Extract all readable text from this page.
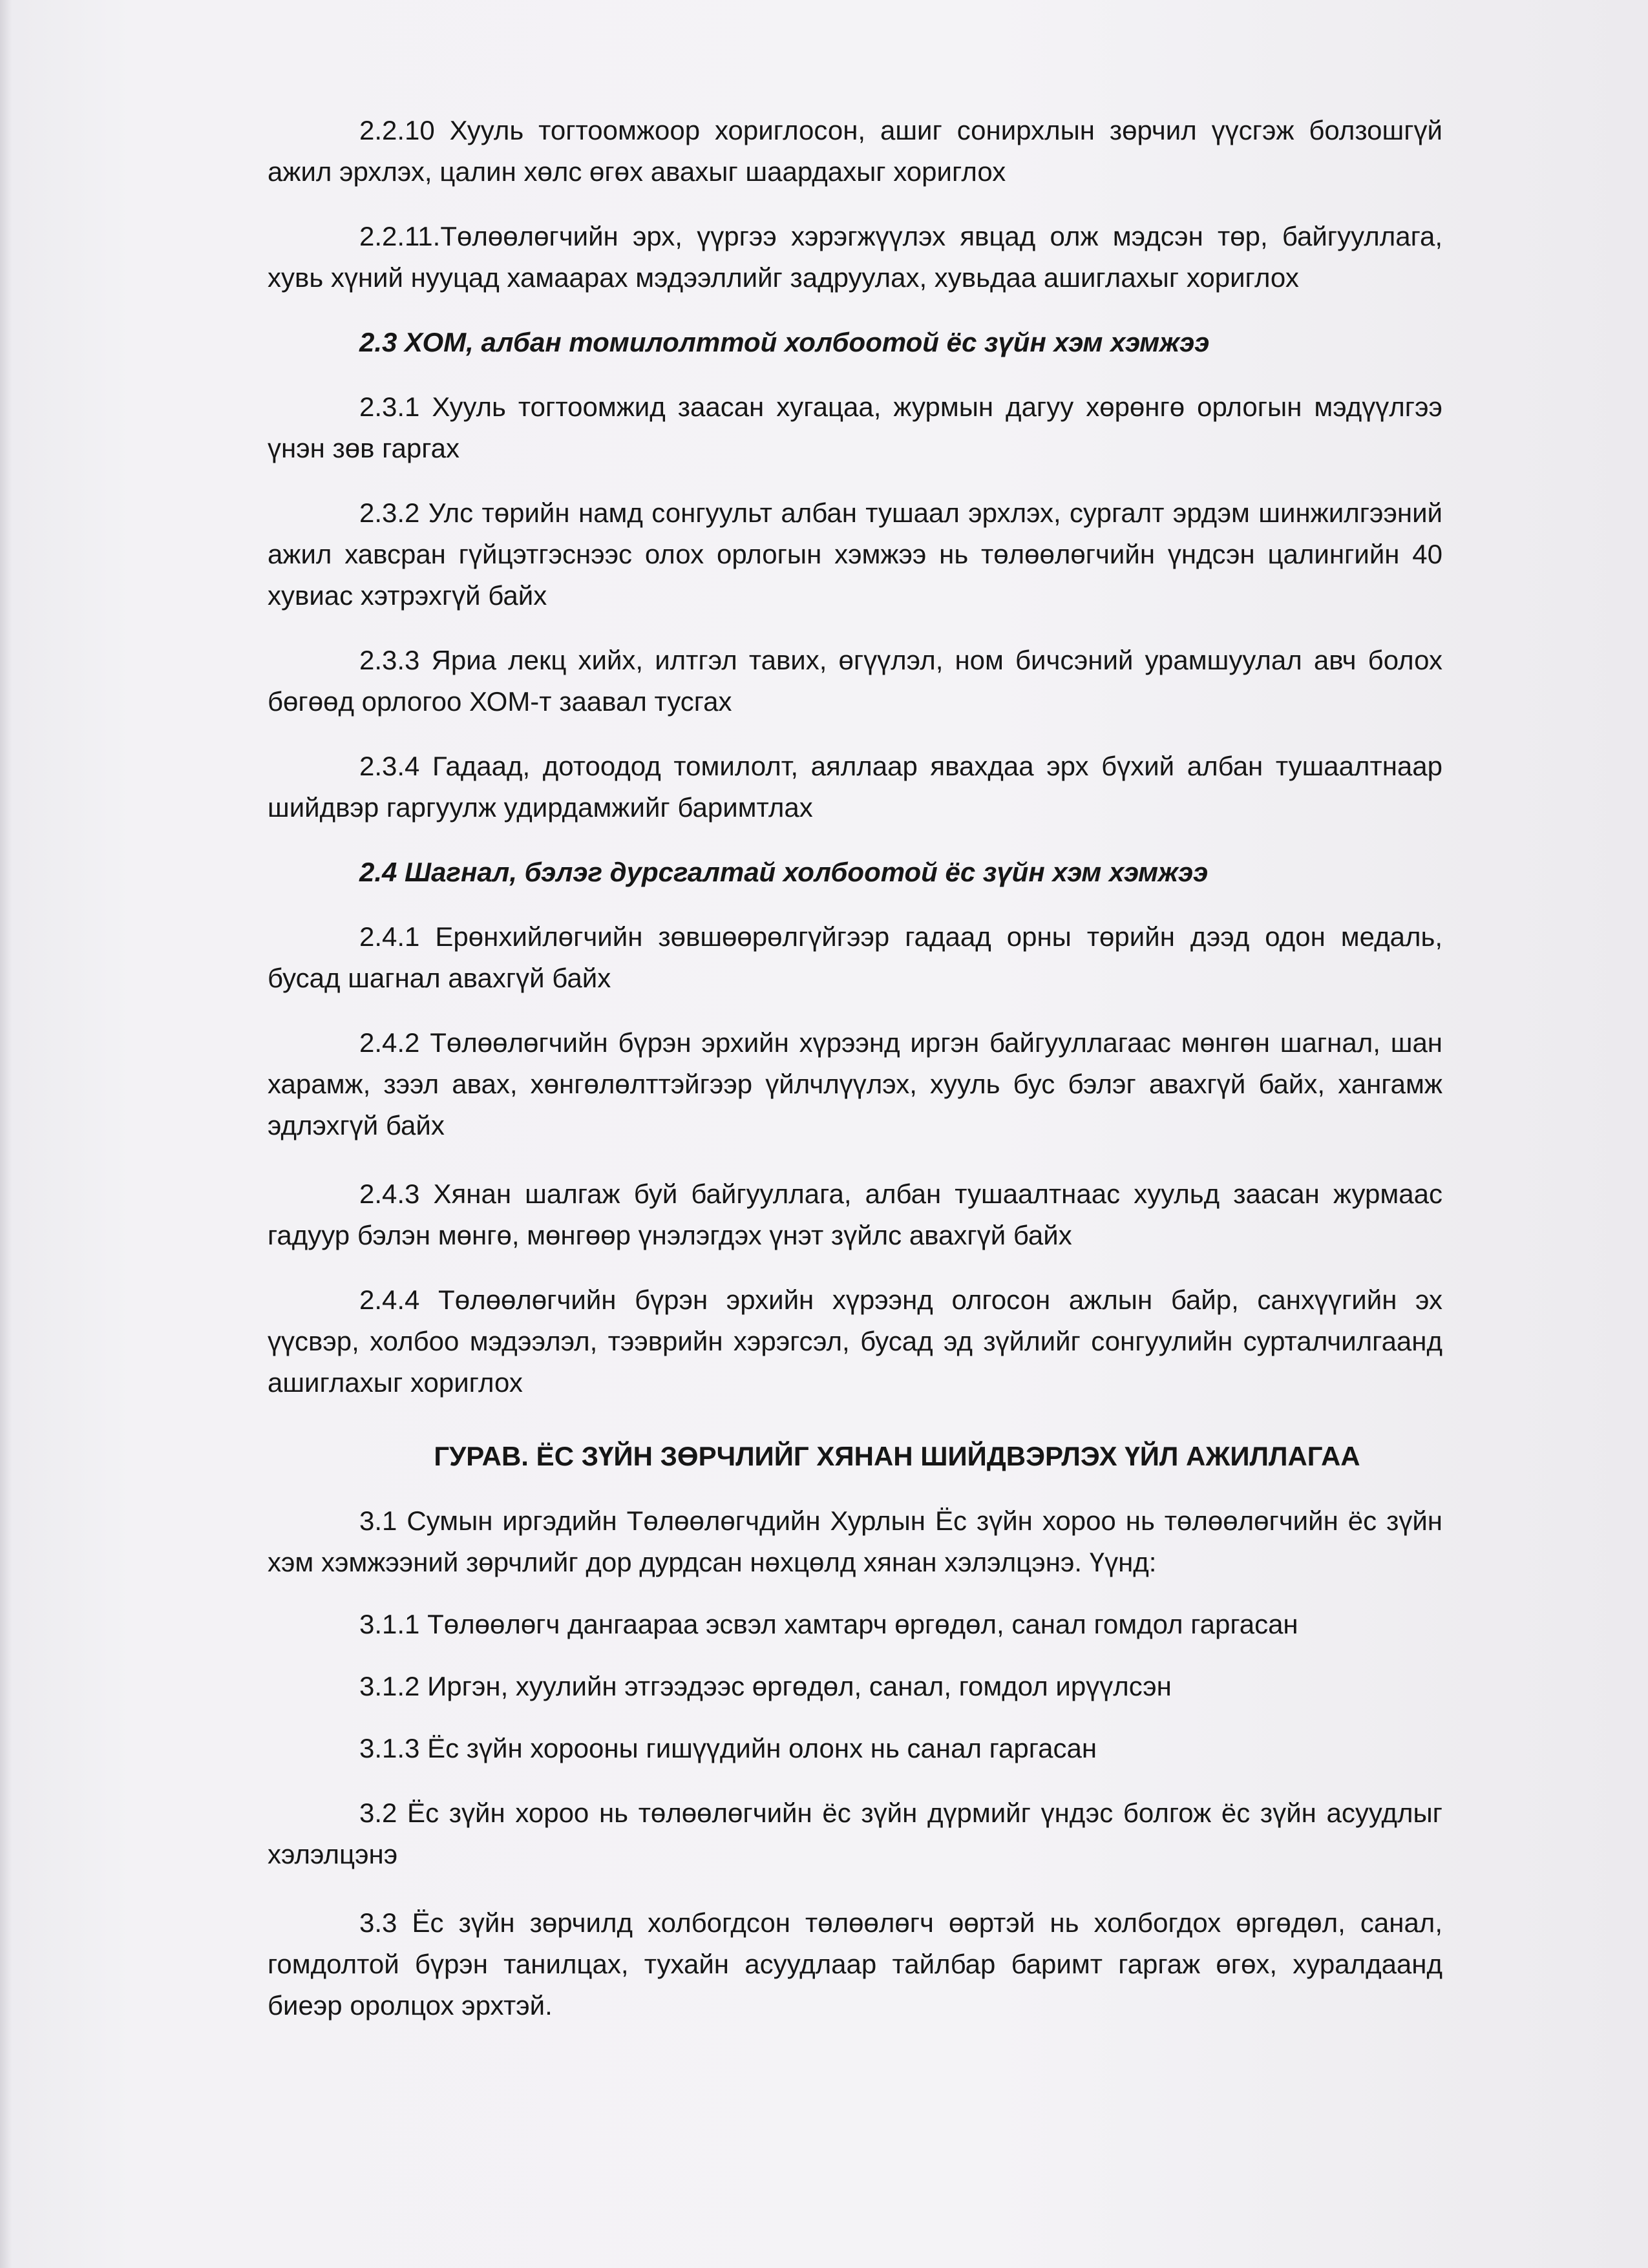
2.2.10 Хууль тогтоомжоор хориглосон, ашиг сонирхлын зөрчил үүсгэж болзошгүй ажил эрхлэх, цалин хөлс өгөх авахыг шаардахыг хориглох

2.2.11.Төлөөлөгчийн эрх, үүргээ хэрэгжүүлэх явцад олж мэдсэн төр, байгууллага, хувь хүний нууцад хамаарах мэдээллийг задруулах, хувьдаа ашиглахыг хориглох

2.3 ХОМ, албан томилолттой холбоотой ёс зүйн хэм хэмжээ

2.3.1 Хууль тогтоомжид заасан хугацаа, журмын дагуу хөрөнгө орлогын мэдүүлгээ үнэн зөв гаргах

2.3.2 Улс төрийн намд сонгуульт албан тушаал эрхлэх, сургалт эрдэм шинжилгээний ажил хавсран гүйцэтгэснээс олох орлогын хэмжээ нь төлөөлөгчийн үндсэн цалингийн 40 хувиас хэтрэхгүй байх

2.3.3 Яриа лекц хийх, илтгэл тавих, өгүүлэл, ном бичсэний урамшуулал авч болох бөгөөд орлогоо ХОМ-т заавал тусгах

2.3.4 Гадаад, дотоодод томилолт, аяллаар явахдаа эрх бүхий албан тушаалтнаар шийдвэр гаргуулж удирдамжийг баримтлах

2.4 Шагнал, бэлэг дурсгалтай холбоотой ёс зүйн хэм хэмжээ

2.4.1 Ерөнхийлөгчийн зөвшөөрөлгүйгээр гадаад орны төрийн дээд одон медаль, бусад шагнал авахгүй байх

2.4.2 Төлөөлөгчийн бүрэн эрхийн хүрээнд иргэн байгууллагаас мөнгөн шагнал, шан харамж, зээл авах, хөнгөлөлттэйгээр үйлчлүүлэх, хууль бус бэлэг авахгүй байх, хангамж эдлэхгүй байх

2.4.3 Хянан шалгаж буй байгууллага, албан тушаалтнаас хуульд заасан журмаас гадуур бэлэн мөнгө, мөнгөөр үнэлэгдэх үнэт зүйлс авахгүй байх

2.4.4 Төлөөлөгчийн бүрэн эрхийн хүрээнд олгосон ажлын байр, санхүүгийн эх үүсвэр, холбоо мэдээлэл, тээврийн хэрэгсэл, бусад эд зүйлийг сонгуулийн сурталчилгаанд ашиглахыг хориглох

ГУРАВ. ЁС ЗҮЙН ЗӨРЧЛИЙГ ХЯНАН ШИЙДВЭРЛЭХ ҮЙЛ АЖИЛЛАГАА

3.1 Сумын иргэдийн Төлөөлөгчдийн Хурлын Ёс зүйн хороо нь төлөөлөгчийн ёс зүйн хэм хэмжээний зөрчлийг дор дурдсан нөхцөлд хянан хэлэлцэнэ. Үүнд:

3.1.1 Төлөөлөгч дангаараа эсвэл хамтарч өргөдөл, санал гомдол гаргасан

3.1.2 Иргэн, хуулийн этгээдээс өргөдөл, санал, гомдол ирүүлсэн

3.1.3 Ёс зүйн хорооны гишүүдийн олонх нь санал гаргасан

3.2 Ёс зүйн хороо нь төлөөлөгчийн ёс зүйн дүрмийг үндэс болгож ёс зүйн асуудлыг хэлэлцэнэ

3.3 Ёс зүйн зөрчилд холбогдсон төлөөлөгч өөртэй нь холбогдох өргөдөл, санал, гомдолтой бүрэн танилцах, тухайн асуудлаар тайлбар баримт гаргаж өгөх, хуралдаанд биеэр оролцох эрхтэй.
